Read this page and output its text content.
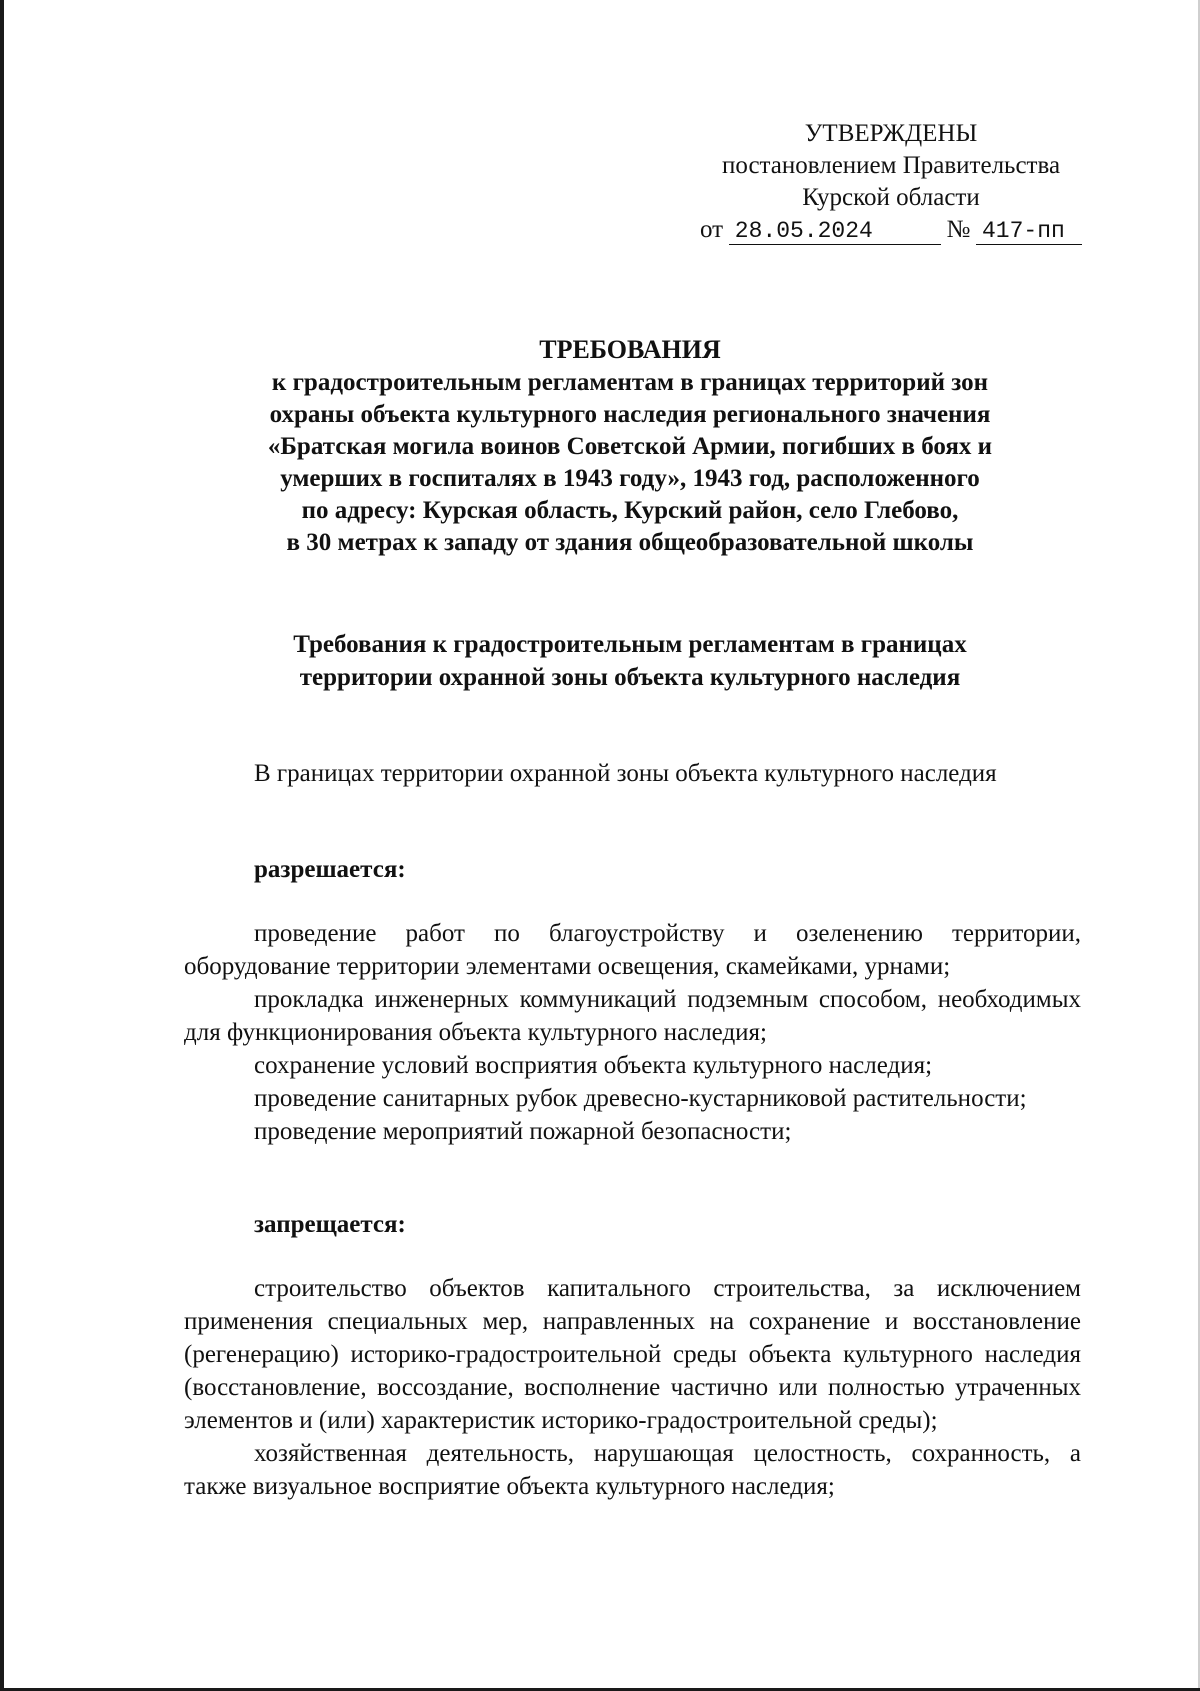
УТВЕРЖДЕНЫ
постановлением Правительства
Курской области
от 28.05.2024	№ 417-пп
ТРЕБОВАНИЯ
к градостроительным регламентам в границах территорий зон
охраны объекта культурного наследия регионального значения
«Братская могила воинов Советской Армии, погибших в боях и
умерших в госпиталях в 1943 году», 1943 год, расположенного
по адресу: Курская область, Курский район, село Глебово,
в 30 метрах к западу от здания общеобразовательной школы
Требования к градостроительным регламентам в границах
территории охранной зоны объекта культурного наследия

В границах территории охранной зоны объекта культурного наследия

разрешается:

проведение работ по благоустройству и озеленению территории, оборудование территории элементами освещения, скамейками, урнами;

прокладка инженерных коммуникаций подземным способом, необходимых для функционирования объекта культурного наследия;

сохранение условий восприятия объекта культурного наследия;

проведение санитарных рубок древесно-кустарниковой растительности;

проведение мероприятий пожарной безопасности;

запрещается:

строительство объектов капитального строительства, за исключением применения специальных мер, направленных на сохранение и восстановление (регенерацию) историко-градостроительной среды объекта культурного наследия (восстановление, воссоздание, восполнение частично или полностью утраченных элементов и (или) характеристик историко-градостроительной среды);

хозяйственная деятельность, нарушающая целостность, сохранность, а также визуальное восприятие объекта культурного наследия;
